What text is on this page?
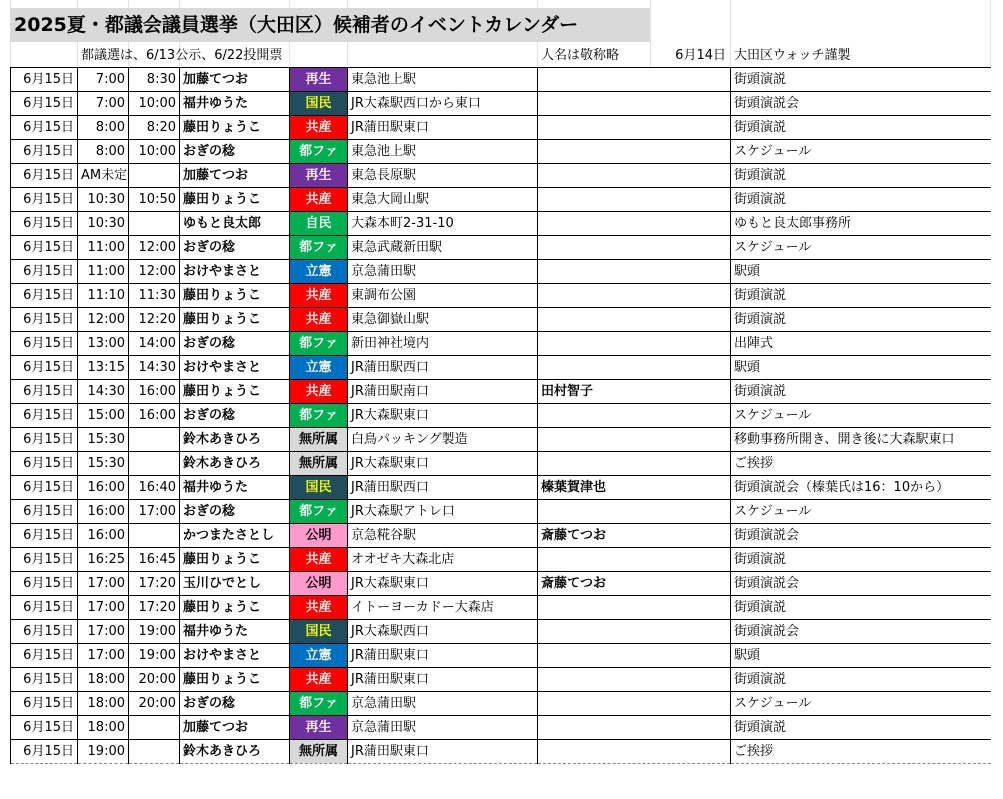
2025夏・都議会議員選挙（大田区）候補者のイベントカレンダー
都議選は、6/13公示、6/22投開票	人名は敬称略	6月14日 大田区ウォッチ謹製
6月15日	7:00	8:30	加藤てつお	再生	東急池上駅		街頭演説
6月15日	7:00	10:00	福井ゆうた	国民	JR大森駅西口から東口		街頭演説会
6月15日	8:00	8:20	藤田りょうこ	共産	JR蒲田駅東口		街頭演説
6月15日	8:00	10:00	おぎの稔	都ファ	東急池上駅		スケジュール
6月15日	AM未定		加藤てつお	再生	東急長原駅		街頭演説
6月15日	10:30	10:50	藤田りょうこ	共産	東急大岡山駅		街頭演説
6月15日	10:30		ゆもと良太郎	自民	大森本町2-31-10		ゆもと良太郎事務所
6月15日	11:00	12:00	おぎの稔	都ファ	東急武蔵新田駅		スケジュール
6月15日	11:00	12:00	おけやまさと	立憲	京急蒲田駅		駅頭
6月15日	11:10	11:30	藤田りょうこ	共産	東調布公園		街頭演説
6月15日	12:00	12:20	藤田りょうこ	共産	東急御嶽山駅		街頭演説
6月15日	13:00	14:00	おぎの稔	都ファ	新田神社境内		出陣式
6月15日	13:15	14:30	おけやまさと	立憲	JR蒲田駅西口		駅頭
6月15日	14:30	16:00	藤田りょうこ	共産	JR蒲田駅南口	田村智子	街頭演説
6月15日	15:00	16:00	おぎの稔	都ファ	JR大森駅東口		スケジュール
6月15日	15:30		鈴木あきひろ	無所属	白鳥パッキング製造		移動事務所開き、開き後に大森駅東口
6月15日	15:30		鈴木あきひろ	無所属	JR大森駅東口		ご挨拶
6月15日	16:00	16:40	福井ゆうた	国民	JR蒲田駅西口	榛葉賀津也	街頭演説会（榛葉氏は16：10から）
6月15日	16:00	17:00	おぎの稔	都ファ	JR大森駅アトレ口		スケジュール
6月15日	16:00		かつまたさとし	公明	京急糀谷駅	斎藤てつお	街頭演説会
6月15日	16:25	16:45	藤田りょうこ	共産	オオゼキ大森北店		街頭演説
6月15日	17:00	17:20	玉川ひでとし	公明	JR大森駅東口	斎藤てつお	街頭演説会
6月15日	17:00	17:20	藤田りょうこ	共産	イトーヨーカドー大森店		街頭演説
6月15日	17:00	19:00	福井ゆうた	国民	JR大森駅西口		街頭演説会
6月15日	17:00	19:00	おけやまさと	立憲	JR蒲田駅東口		駅頭
6月15日	18:00	20:00	藤田りょうこ	共産	JR蒲田駅東口		街頭演説
6月15日	18:00	20:00	おぎの稔	都ファ	京急蒲田駅		スケジュール
6月15日	18:00		加藤てつお	再生	京急蒲田駅		街頭演説
6月15日	19:00		鈴木あきひろ	無所属	JR蒲田駅東口		ご挨拶
